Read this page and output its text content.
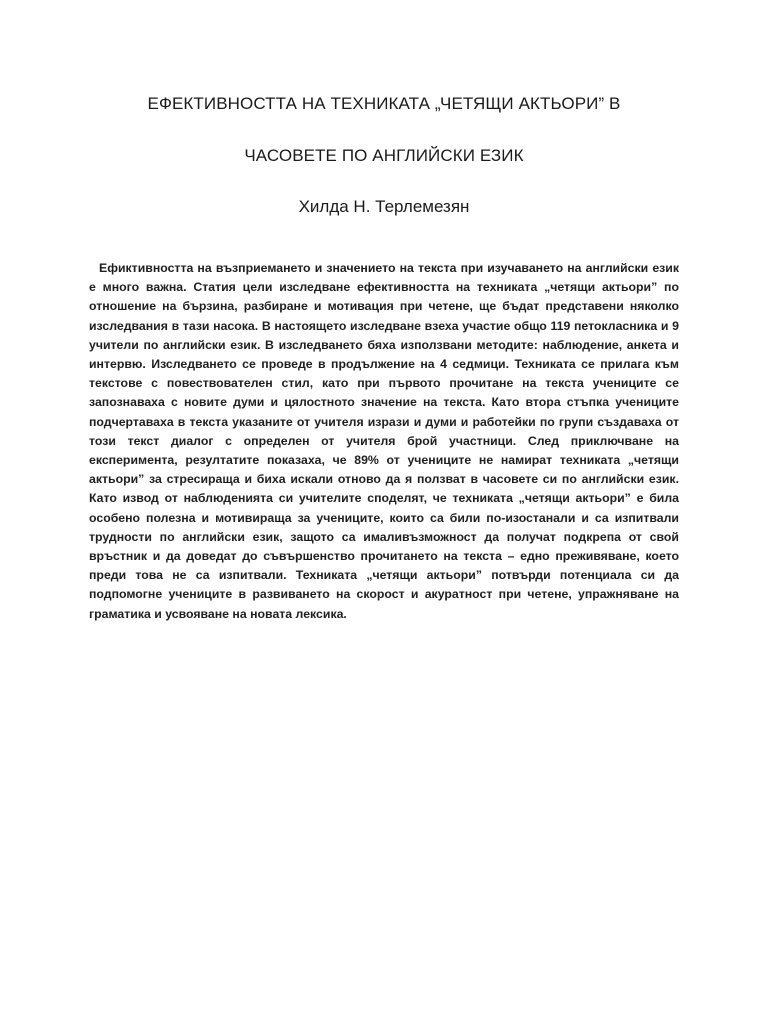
ЕФЕКТИВНОСТТА НА ТЕХНИКАТА „ЧЕТЯЩИ АКТЬОРИ” В
ЧАСОВЕТЕ ПО АНГЛИЙСКИ ЕЗИК
Хилда Н. Терлемезян
Ефиктивността на възприемането и значението на текста при изучаването на английски език е много важна. Статия цели изследване ефективността на техниката „четящи актьори” по отношение на бързина, разбиране и мотивация при четене, ще бъдат представени няколко изследвания в тази насока. В настоящето изследване взеха участие общо 119 петокласника и 9 учители по английски език. В изследването бяха използвани методите: наблюдение, анкета и интервю. Изследването се проведе в продължение на 4 седмици. Техниката се прилага към текстове с повествователен стил, като при първото прочитане на текста учениците се запознаваха с новите думи и цялостното значение на текста. Като втора стъпка учениците подчертаваха в текста указаните от учителя изрази и думи и работейки по групи създаваха от този текст диалог с определен от учителя брой участници. След приключване на експеримента, резултатите показаха, че 89% от учениците не намират техниката „четящи актьори” за стресираща и биха искали отново да я ползват в часовете си по английски език. Като извод от наблюденията си учителите споделят, че техниката „четящи актьори” е била особено полезна и мотивираща за учениците, които са били по-изостанали и са изпитвали трудности по английски език, защото са ималивъзможност да получат подкрепа от свой връстник и да доведат до съвършенство прочитането на текста – едно преживяване, което преди това не са изпитвали. Техниката „четящи актьори” потвърди потенциала си да подпомогне учениците в развиването на скорост и акуратност при четене, упражняване на граматика и усвояване на новата лексика.
